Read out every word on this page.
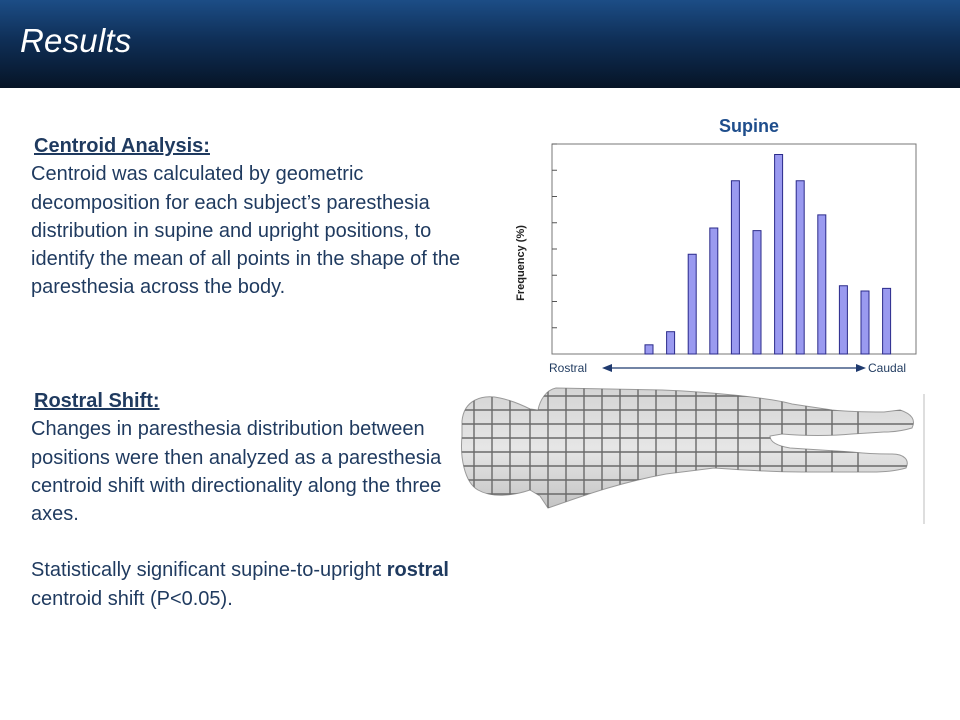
Results
Centroid Analysis:
Centroid was calculated by geometric decomposition for each subject’s paresthesia distribution in supine and upright positions, to identify the mean of all points in the shape of the paresthesia across the body.
Rostral Shift:
Changes in paresthesia distribution between positions were then analyzed as a paresthesia centroid shift with directionality along the three axes.
Statistically significant supine-to-upright rostral centroid shift (P<0.05).
Supine
Frequency (%)
Rostral	Caudal
